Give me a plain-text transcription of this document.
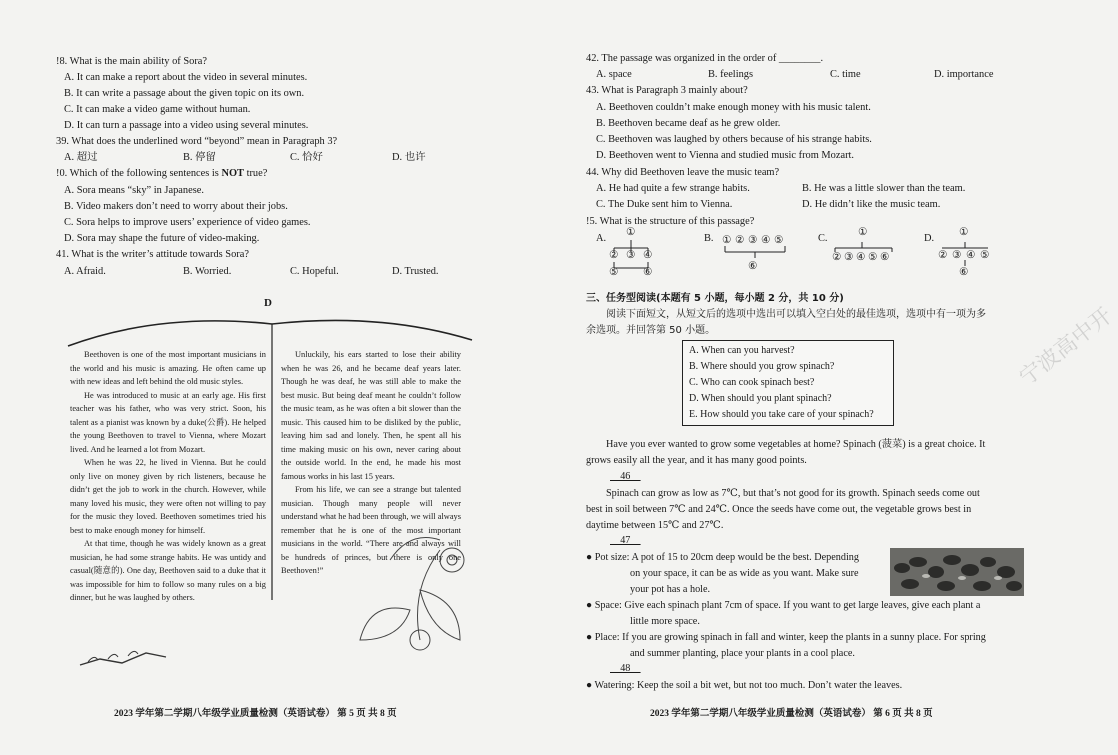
!8. What is the main ability of Sora?
A. It can make a report about the video in several minutes.
B. It can write a passage about the given topic on its own.
C. It can make a video game without human.
D. It can turn a passage into a video using several minutes.
39. What does the underlined word “beyond” mean in Paragraph 3?
A. 超过	B. 停留	C. 恰好	D. 也许
!0. Which of the following sentences is NOT true?
A. Sora means “sky” in Japanese.
B. Video makers don’t need to worry about their jobs.
C. Sora helps to improve users’ experience of video games.
D. Sora may shape the future of video-making.
41. What is the writer’s attitude towards Sora?
A. Afraid.	B. Worried.	C. Hopeful.	D. Trusted.
D

Beethoven is one of the most important musicians in the world and his music is amazing. He often came up with new ideas and left behind the old music styles.

He was introduced to music at an early age. His first teacher was his father, who was very strict. Soon, his talent as a pianist was known by a duke(公爵). He helped the young Beethoven to travel to Vienna, where Mozart lived. And he learned a lot from Mozart.

When he was 22, he lived in Vienna. But he could only live on money given by rich listeners, because he didn’t get the job to work in the church. However, while many loved his music, they were often not willing to pay for the music they loved. Beethoven sometimes tried his best to make enough money for himself.

At that time, though he was widely known as a great musician, he had some strange habits. He was untidy and casual(随意的). One day, Beethoven said to a duke that it was impossible for him to follow so many rules on a big dinner, but he was laughed by others.

Unluckily, his ears started to lose their ability when he was 26, and he became deaf years later. Though he was deaf, he was still able to make the best music. But being deaf meant he couldn’t follow the music team, as he was often a bit slower than the music. This caused him to be disliked by the public, leaving him sad and lonely. Then, he spent all his time making music on his own, never caring about the outside world. In the end, he made his most famous works in his last 15 years.

From his life, we can see a strange but talented musician. Though many people will never understand what he had been through, we will always remember that he is one of the most important musicians in the world. “There are and always will be hundreds of princes, but there is only one Beethoven!”

2023 学年第二学期八年级学业质量检测（英语试卷） 第 5 页 共 8 页
宁波高中开
42. The passage was organized in the order of ________.
A. space	B. feelings	C. time	D. importance
43. What is Paragraph 3 mainly about?
A. Beethoven couldn’t make enough money with his music talent.
B. Beethoven became deaf as he grew older.
C. Beethoven was laughed by others because of his strange habits.
D. Beethoven went to Vienna and studied music from Mozart.
44. Why did Beethoven leave the music team?
A. He had quite a few strange habits.	B. He was a little slower than the team.
C. The Duke sent him to Vienna.	D. He didn’t like the music team.
!5. What is the structure of this passage?
A.	B.	C.	D.
①
② ③ ④
⑤ ⑥
① ② ③ ④ ⑤
⑥
①
② ③ ④ ⑤ ⑥
①
② ③ ④ ⑤
⑥
三、任务型阅读(本题有 5 小题，每小题 2 分，共 10 分)
阅读下面短文，从短文后的选项中选出可以填入空白处的最佳选项，选项中有一项为多
余选项。并回答第 50 小题。
A. When can you harvest?
B. Where should you grow spinach?
C. Who can cook spinach best?
D. When should you plant spinach?
E. How should you take care of your spinach?
Have you ever wanted to grow some vegetables at home? Spinach (菠菜) is a great choice. It
grows easily all the year, and it has many good points.
46
Spinach can grow as low as 7℃, but that’s not good for its growth. Spinach seeds come out
best in soil between 7℃ and 24℃. Once the seeds have come out, the vegetable grows best in
daytime between 15℃ and 27℃.
47
● Pot size: A pot of 15 to 20cm deep would be the best. Depending
on your space, it can be as wide as you want. Make sure
your pot has a hole.
● Space: Give each spinach plant 7cm of space. If you want to get large leaves, give each plant a
little more space.
● Place: If you are growing spinach in fall and winter, keep the plants in a sunny place. For spring
and summer planting, place your plants in a cool place.
48
● Watering: Keep the soil a bit wet, but not too much. Don’t water the leaves.
2023 学年第二学期八年级学业质量检测（英语试卷） 第 6 页 共 8 页
